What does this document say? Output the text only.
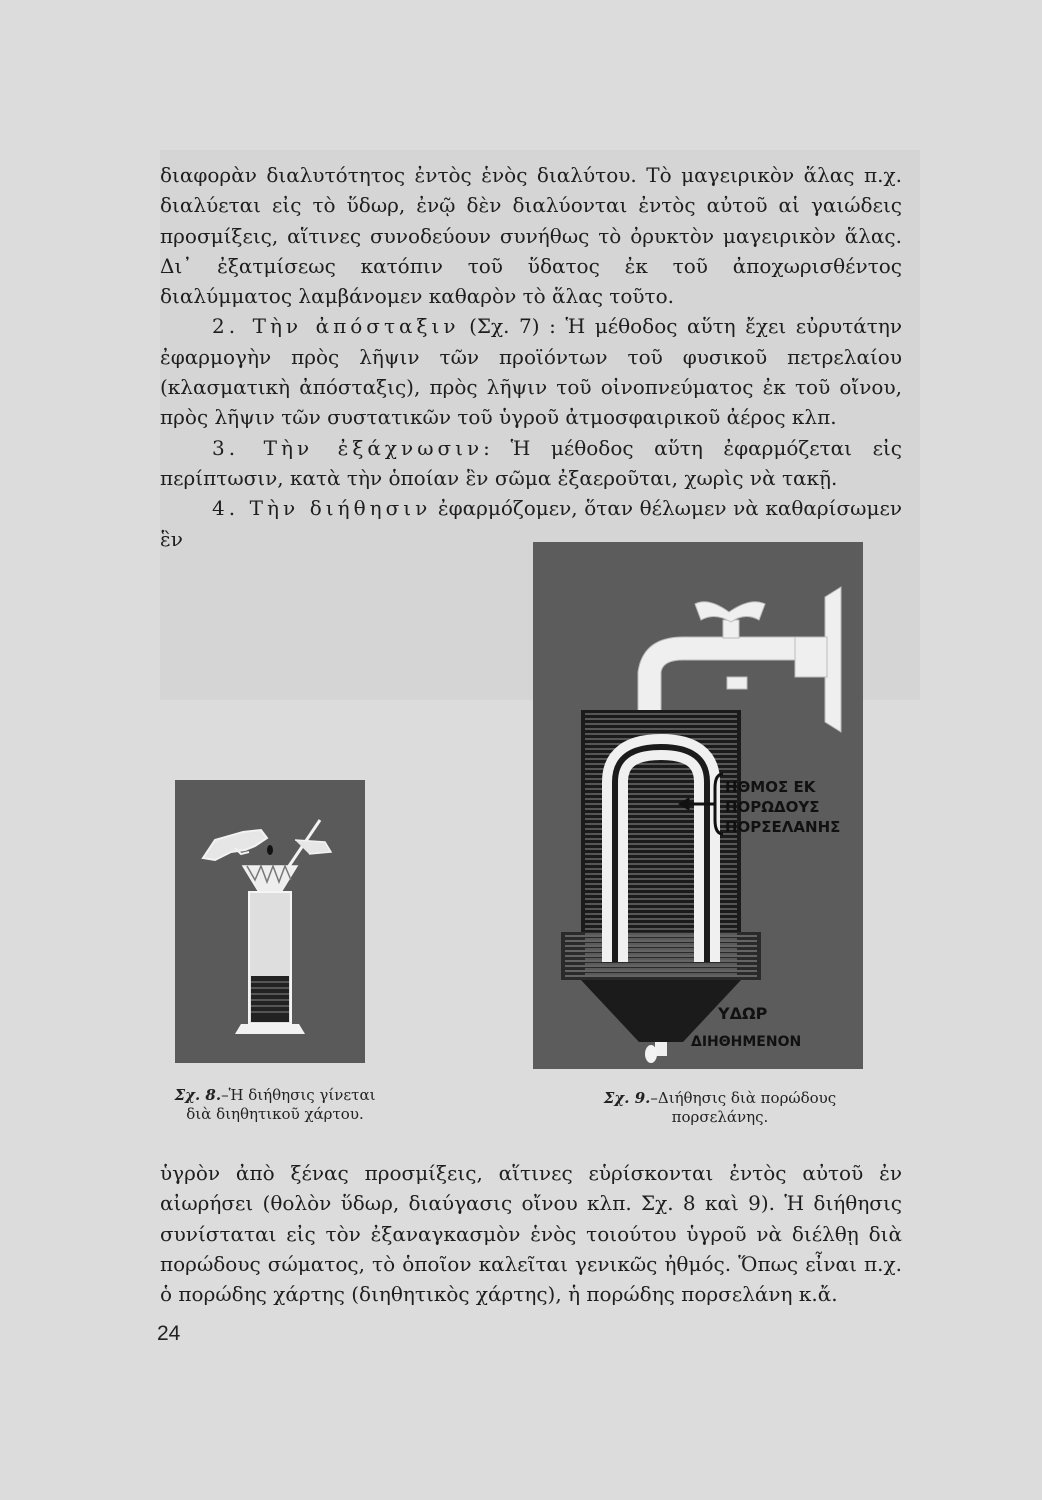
διαφορὰν διαλυτότητος ἐντὸς ἑνὸς διαλύτου. Τὸ μαγειρικὸν ἅλας π.χ. διαλύεται εἰς τὸ ὕδωρ, ἐνῷ δὲν διαλύονται ἐντὸς αὐτοῦ αἱ γαιώδεις προσμίξεις, αἵτινες συνοδεύουν συνήθως τὸ ὀρυκτὸν μαγειρικὸν ἅλας. Δι᾿ ἐξατμίσεως κατόπιν τοῦ ὕδατος ἐκ τοῦ ἀποχωρισθέντος διαλύμματος λαμβάνομεν καθαρὸν τὸ ἅλας τοῦτο.

2. Τὴν ἀπόσταξιν (Σχ. 7) : Ἡ μέθοδος αὕτη ἔχει εὐρυτάτην ἐφαρμογὴν πρὸς λῆψιν τῶν προϊόντων τοῦ φυσικοῦ πετρελαίου (κλασματικὴ ἀπόσταξις), πρὸς λῆψιν τοῦ οἰνοπνεύματος ἐκ τοῦ οἴνου, πρὸς λῆψιν τῶν συστατικῶν τοῦ ὑγροῦ ἀτμοσφαιρικοῦ ἀέρος κλπ.

3. Τὴν ἐξάχνωσιν: Ἡ μέθοδος αὕτη ἐφαρμόζεται εἰς περίπτωσιν, κατὰ τὴν ὁποίαν ἓν σῶμα ἐξαεροῦται, χωρὶς νὰ τακῇ.

4. Τὴν διήθησιν ἐφαρμόζομεν, ὅταν θέλωμεν νὰ καθαρίσωμεν ἓν

ΗΘΜΟΣ ΕΚ
ΠΟΡΩΔΟΥΣ
ΠΟΡΣΕΛΑΝΗΣ
ΥΔΩΡ
ΔΙΗΘΗΜΕΝΟΝ
Σχ. 8.–Ἡ διήθησις γίνεται διὰ διηθητικοῦ χάρτου.
Σχ. 9.–Διήθησις διὰ πορώδους πορσελάνης.

ὑγρὸν ἀπὸ ξένας προσμίξεις, αἵτινες εὑρίσκονται ἐντὸς αὐτοῦ ἐν αἰωρήσει (θολὸν ὕδωρ, διαύγασις οἴνου κλπ. Σχ. 8 καὶ 9). Ἡ διήθησις συνίσταται εἰς τὸν ἐξαναγκασμὸν ἑνὸς τοιούτου ὑγροῦ νὰ διέλθῃ διὰ πορώδους σώματος, τὸ ὁποῖον καλεῖται γενικῶς ἠθμός. Ὅπως εἶναι π.χ. ὁ πορώδης χάρτης (διηθητικὸς χάρτης), ἡ πορώδης πορσελάνη κ.ἄ.

24
